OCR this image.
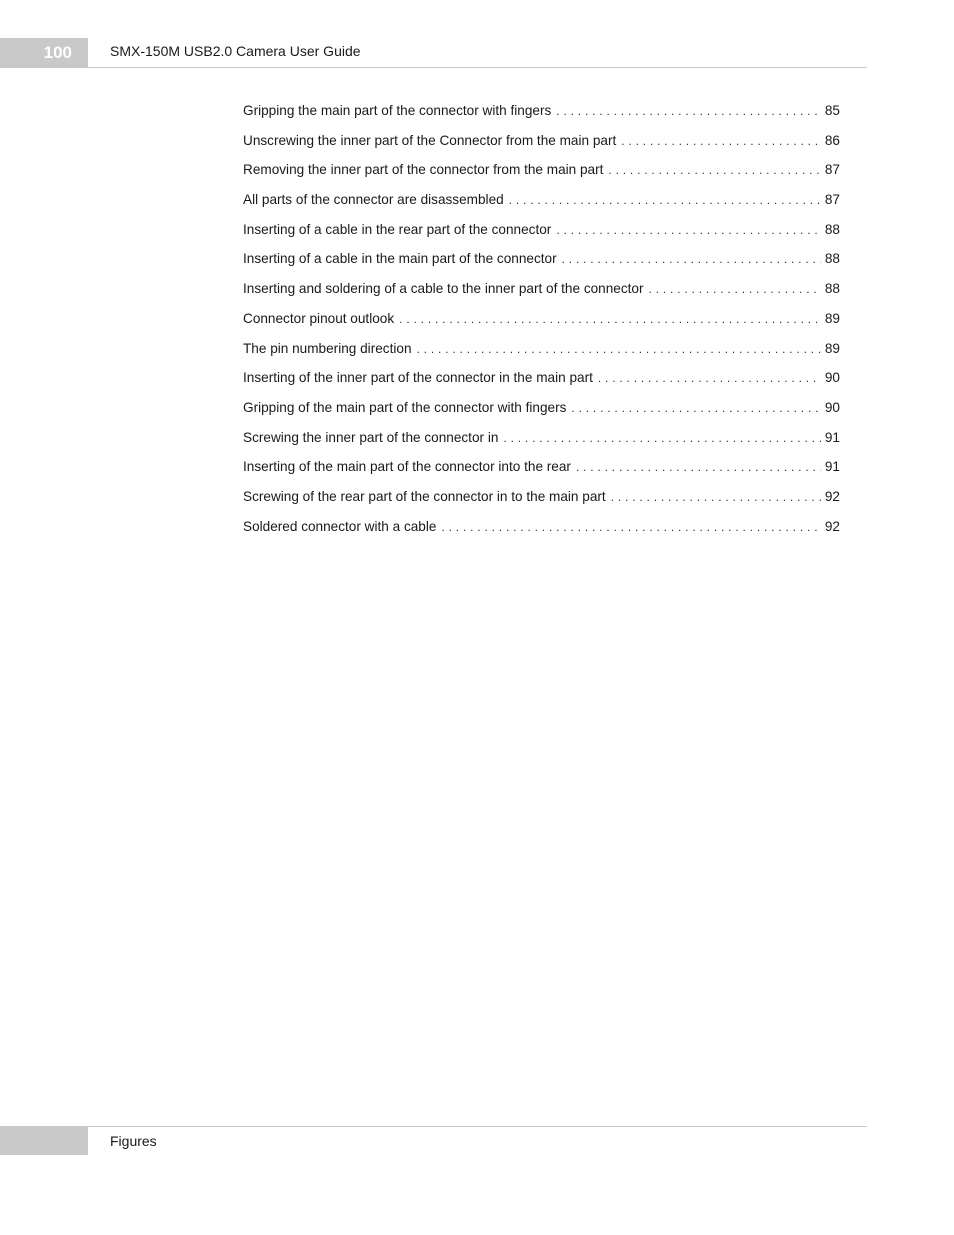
100	SMX-150M USB2.0 Camera User Guide
Gripping the main part of the connector with fingers . . .	85
Unscrewing the inner part of the Connector from the main part . . .	86
Removing the inner part of the connector from the main part . . .	87
All parts of the connector are disassembled . . .	87
Inserting of a cable in the rear part of the connector . . .	88
Inserting of a cable in the main part of the connector . . .	88
Inserting and soldering of a cable to the inner part of the connector . . .	88
Connector pinout outlook . . .	89
The pin numbering direction . . .	89
Inserting of the inner part of the connector in the main part . . .	90
Gripping of the main part of the connector with fingers . . .	90
Screwing the inner part of the connector in . . .	91
Inserting of the main part of the connector into the rear . . .	91
Screwing of the rear part of the connector in to the main part . . .	92
Soldered connector with a cable . . .	92
Figures
